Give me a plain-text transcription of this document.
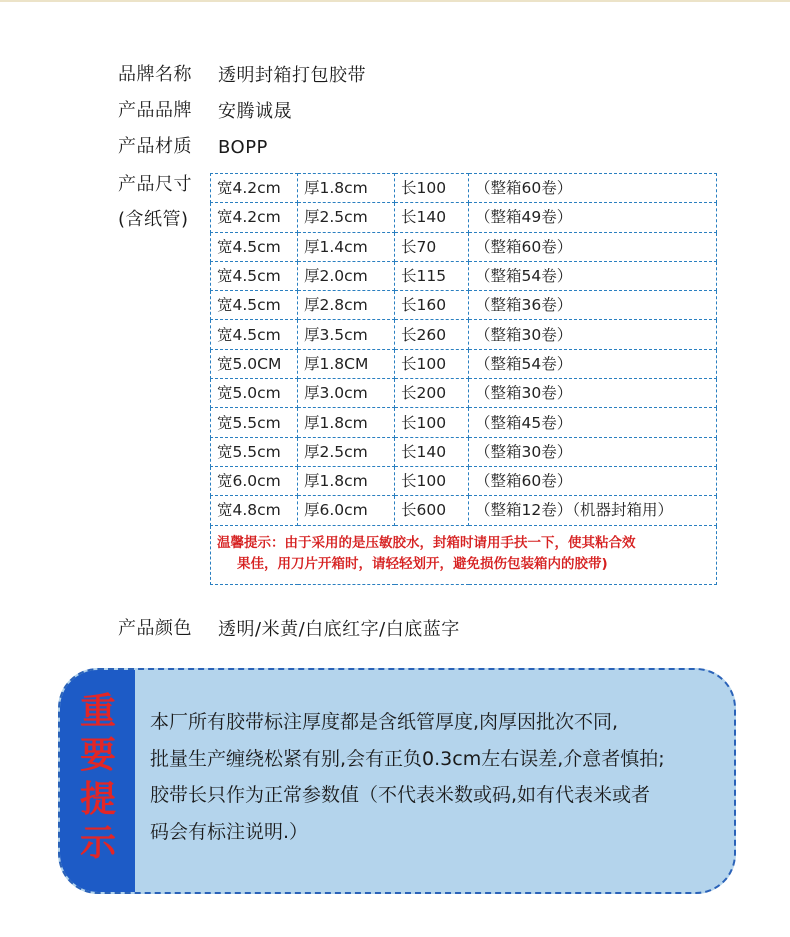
品牌名称 透明封箱打包胶带
产品品牌 安腾诚晟
产品材质 BOPP
产品尺寸
(含纸管)
宽4.2cm	厚1.8cm	长100	（整箱60卷）
宽4.2cm	厚2.5cm	长140	（整箱49卷）
宽4.5cm	厚1.4cm	长70	（整箱60卷）
宽4.5cm	厚2.0cm	长115	（整箱54卷）
宽4.5cm	厚2.8cm	长160	（整箱36卷）
宽4.5cm	厚3.5cm	长260	（整箱30卷）
宽5.0CM	厚1.8CM	长100	（整箱54卷）
宽5.0cm	厚3.0cm	长200	（整箱30卷）
宽5.5cm	厚1.8cm	长100	（整箱45卷）
宽5.5cm	厚2.5cm	长140	（整箱30卷）
宽6.0cm	厚1.8cm	长100	（整箱60卷）
宽4.8cm	厚6.0cm	长600	（整箱12卷）（机器封箱用）

温馨提示：由于采用的是压敏胶水，封箱时请用手扶一下，使其粘合效
果佳，用刀片开箱时，请轻轻划开，避免损伤包装箱内的胶带)			
产品颜色 透明/米黄/白底红字/白底蓝字
重
要
提
示
本厂所有胶带标注厚度都是含纸管厚度,肉厚因批次不同,
批量生产缠绕松紧有别,会有正负0.3cm左右误差,介意者慎拍;
胶带长只作为正常参数值（不代表米数或码,如有代表米或者
码会有标注说明.）
